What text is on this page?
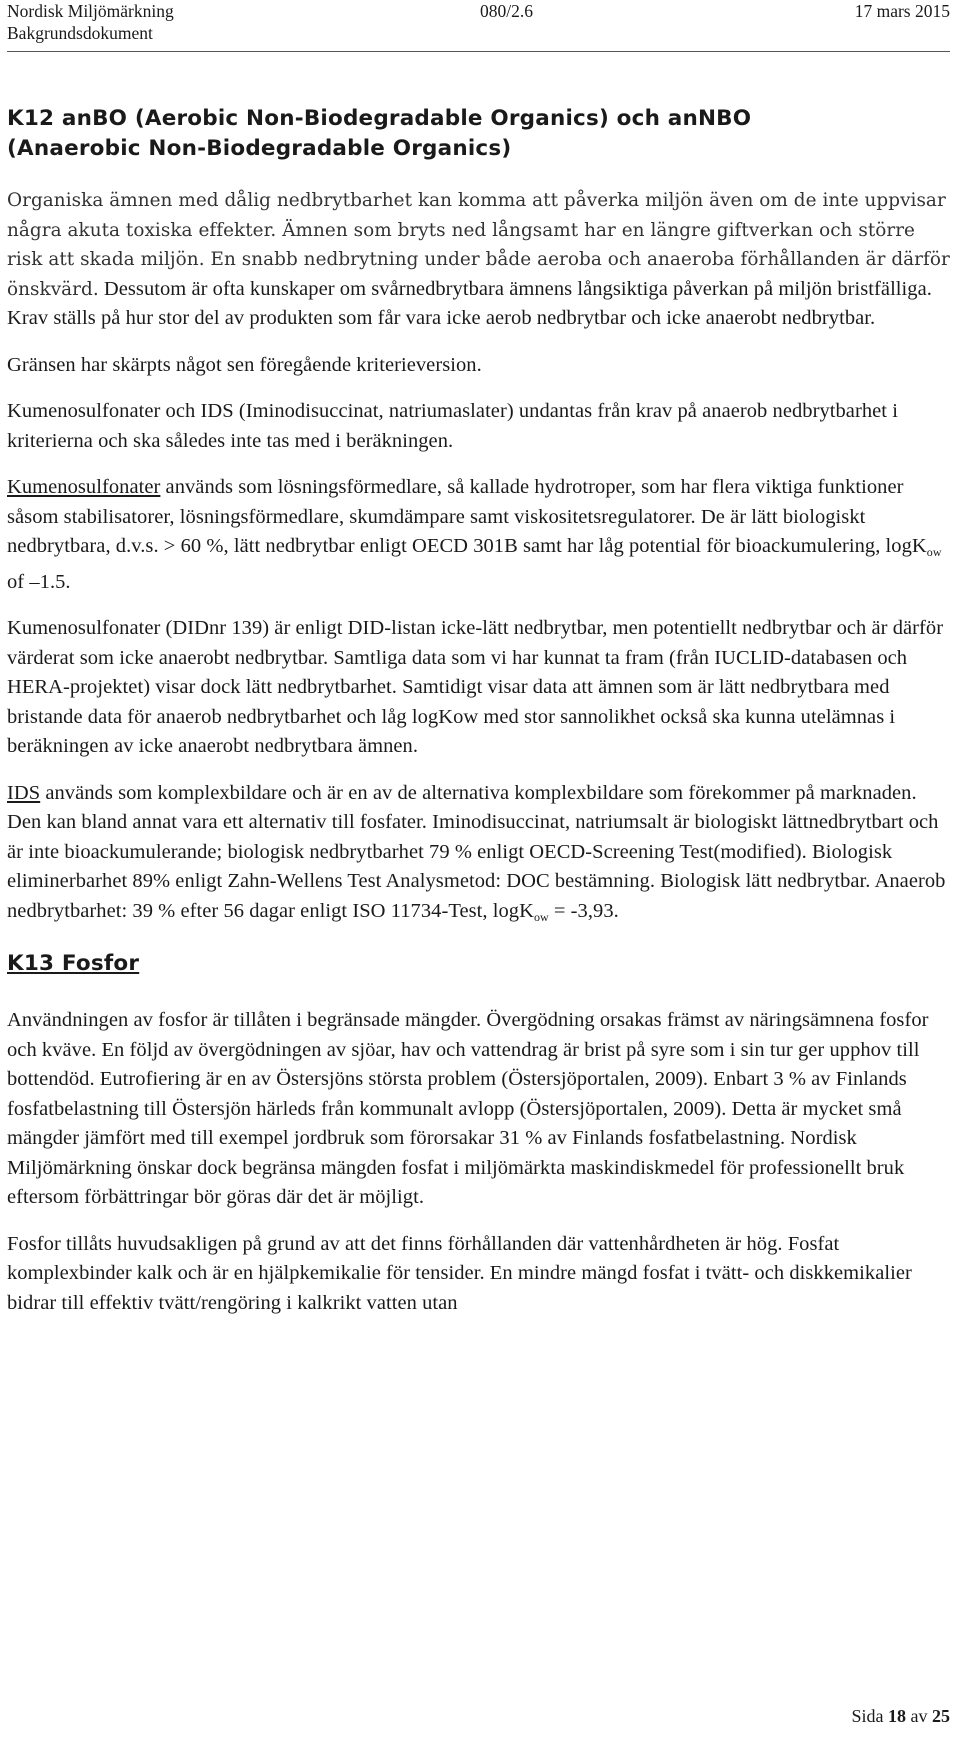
Nordisk Miljömärkning	080/2.6	17 mars 2015
Bakgrundsdokument
K12 anBO (Aerobic Non-Biodegradable Organics) och anNBO
(Anaerobic Non-Biodegradable Organics)

Organiska ämnen med dålig nedbrytbarhet kan komma att påverka miljön även om de inte uppvisar några akuta toxiska effekter. Ämnen som bryts ned långsamt har en längre giftverkan och större risk att skada miljön. En snabb nedbrytning under både aeroba och anaeroba förhållanden är därför önskvärd. Dessutom är ofta kunskaper om svårnedbrytbara ämnens långsiktiga påverkan på miljön bristfälliga. Krav ställs på hur stor del av produkten som får vara icke aerob nedbrytbar och icke anaerobt nedbrytbar.

Gränsen har skärpts något sen föregående kriterieversion.

Kumenosulfonater och IDS (Iminodisuccinat, natriumaslater) undantas från krav på anaerob nedbrytbarhet i kriterierna och ska således inte tas med i beräkningen.

Kumenosulfonater används som lösningsförmedlare, så kallade hydrotroper, som har flera viktiga funktioner såsom stabilisatorer, lösningsförmedlare, skumdämpare samt viskositetsregulatorer. De är lätt biologiskt nedbrytbara, d.v.s. > 60 %, lätt nedbrytbar enligt OECD 301B samt har låg potential för bioackumulering, logK$_{ow}$ of –1.5.

Kumenosulfonater (DIDnr 139) är enligt DID-listan icke-lätt nedbrytbar, men potentiellt nedbrytbar och är därför värderat som icke anaerobt nedbrytbar. Samtliga data som vi har kunnat ta fram (från IUCLID-databasen och HERA-projektet) visar dock lätt nedbrytbarhet. Samtidigt visar data att ämnen som är lätt nedbrytbara med bristande data för anaerob nedbrytbarhet och låg logKow med stor sannolikhet också ska kunna utelämnas i beräkningen av icke anaerobt nedbrytbara ämnen.

IDS används som komplexbildare och är en av de alternativa komplexbildare som förekommer på marknaden. Den kan bland annat vara ett alternativ till fosfater. Iminodisuccinat, natriumsalt är biologiskt lättnedbrytbart och är inte bioackumulerande; biologisk nedbrytbarhet 79 % enligt OECD-Screening Test(modified). Biologisk eliminerbarhet 89% enligt Zahn-Wellens Test Analysmetod: DOC bestämning. Biologisk lätt nedbrytbar. Anaerob nedbrytbarhet: 39 % efter 56 dagar enligt ISO 11734-Test, logK$_{ow}$ = -3,93.

K13 Fosfor

Användningen av fosfor är tillåten i begränsade mängder. Övergödning orsakas främst av näringsämnena fosfor och kväve. En följd av övergödningen av sjöar, hav och vattendrag är brist på syre som i sin tur ger upphov till bottendöd. Eutrofiering är en av Östersjöns största problem (Östersjöportalen, 2009). Enbart 3 % av Finlands fosfatbelastning till Östersjön härleds från kommunalt avlopp (Östersjöportalen, 2009). Detta är mycket små mängder jämfört med till exempel jordbruk som förorsakar 31 % av Finlands fosfatbelastning. Nordisk Miljömärkning önskar dock begränsa mängden fosfat i miljömärkta maskindiskmedel för professionellt bruk eftersom förbättringar bör göras där det är möjligt.

Fosfor tillåts huvudsakligen på grund av att det finns förhållanden där vattenhårdheten är hög. Fosfat komplexbinder kalk och är en hjälpkemikalie för tensider. En mindre mängd fosfat i tvätt- och diskkemikalier bidrar till effektiv tvätt/rengöring i kalkrikt vatten utan

Sida 18 av 25
